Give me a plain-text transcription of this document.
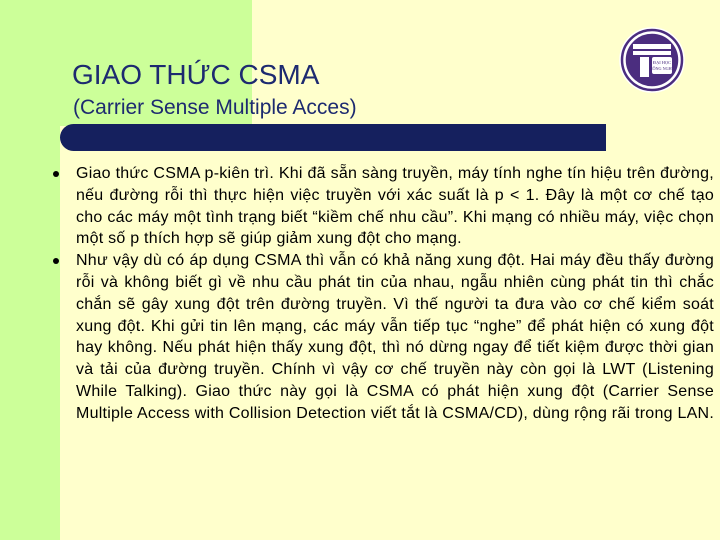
GIAO THỨC CSMA
(Carrier Sense Multiple Acces)
ĐẠI HỌC
CÔNG NGHỆ
Giao thức CSMA p-kiên trì. Khi đã sẵn sàng truyền, máy tính nghe tín hiệu trên đường, nếu đường rỗi thì thực hiện việc truyền với xác suất là p < 1. Đây là một cơ chế tạo cho các máy một tình trạng biết “kiềm chế nhu cầu”. Khi mạng có nhiều máy, việc chọn một số p thích hợp sẽ giúp giảm xung đột cho mạng.
Như vậy dù có áp dụng CSMA thì vẫn có khả năng xung đột. Hai máy đều thấy đường rỗi và không biết gì về nhu cầu phát tin của nhau, ngẫu nhiên cùng phát tin thì chắc chắn sẽ gây xung đột trên đường truyền. Vì thế người ta đưa vào cơ chế kiểm soát xung đột. Khi gửi tin lên mạng, các máy vẫn tiếp tục “nghe” để phát hiện có xung đột hay không. Nếu phát hiện thấy xung đột, thì nó dừng ngay để tiết kiệm được thời gian và tải của đường truyền. Chính vì vậy cơ chế truyền này còn gọi là LWT (Listening While Talking). Giao thức này gọi là CSMA có phát hiện xung đột (Carrier Sense Multiple Access with Collision Detection viết tắt là CSMA/CD), dùng rộng rãi trong LAN.
